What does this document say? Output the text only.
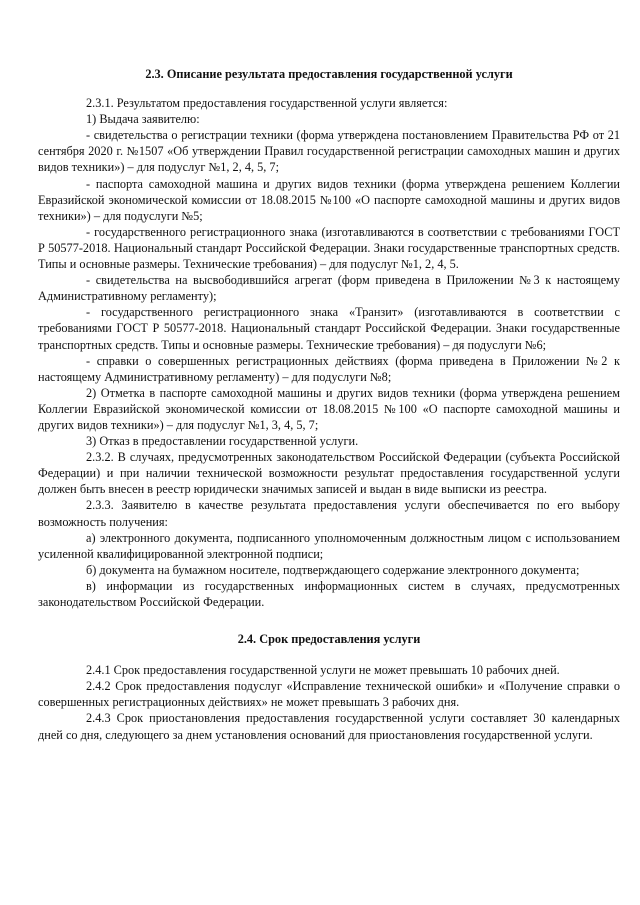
2.3. Описание результата предоставления государственной услуги

2.3.1. Результатом предоставления государственной услуги является:

1) Выдача заявителю:

- свидетельства о регистрации техники (форма утверждена постановлением Правительства РФ от 21 сентября 2020 г. №1507 «Об утверждении Правил государственной регистрации самоходных машин и других видов техники») – для подуслуг №1, 2, 4, 5, 7;

- паспорта самоходной машина и других видов техники (форма утверждена решением Коллегии Евразийской экономической комиссии от 18.08.2015 №100 «О паспорте самоходной машины и других видов техники») – для подуслуги №5;

- государственного регистрационного знака (изготавливаются в соответствии с требованиями ГОСТ Р 50577-2018. Национальный стандарт Российской Федерации. Знаки государственные транспортных средств. Типы и основные размеры. Технические требования) – для подуслуг №1, 2, 4, 5.

- свидетельства на высвободившийся агрегат (форм приведена в Приложении №3 к настоящему Административному регламенту);

- государственного регистрационного знака «Транзит» (изготавливаются в соответствии с требованиями ГОСТ Р 50577-2018. Национальный стандарт Российской Федерации. Знаки государственные транспортных средств. Типы и основные размеры. Технические требования) – дя подуслуги №6;

- справки о совершенных регистрационных действиях (форма приведена в Приложении №2 к настоящему Административному регламенту) – для подуслуги №8;

2) Отметка в паспорте самоходной машины и других видов техники (форма утверждена решением Коллегии Евразийской экономической комиссии от 18.08.2015 №100 «О паспорте самоходной машины и других видов техники») – для подуслуг №1, 3, 4, 5, 7;

3) Отказ в предоставлении государственной услуги.

2.3.2. В случаях, предусмотренных законодательством Российской Федерации (субъекта Российской Федерации) и при наличии технической возможности результат предоставления государственной услуги должен быть внесен в реестр юридически значимых записей и выдан в виде выписки из реестра.

2.3.3. Заявителю в качестве результата предоставления услуги обеспечивается по его выбору возможность получения:

а) электронного документа, подписанного уполномоченным должностным лицом с использованием усиленной квалифицированной электронной подписи;

б) документа на бумажном носителе, подтверждающего содержание электронного документа;

в) информации из государственных информационных систем в случаях, предусмотренных законодательством Российской Федерации.

2.4. Срок предоставления услуги

2.4.1 Срок предоставления государственной услуги не может превышать 10 рабочих дней.

2.4.2 Срок предоставления подуслуг «Исправление технической ошибки» и «Получение справки о совершенных регистрационных действиях» не может превышать 3 рабочих дня.

2.4.3 Срок приостановления предоставления государственной услуги составляет 30 календарных дней со дня, следующего за днем установления оснований для приостановления государственной услуги.
